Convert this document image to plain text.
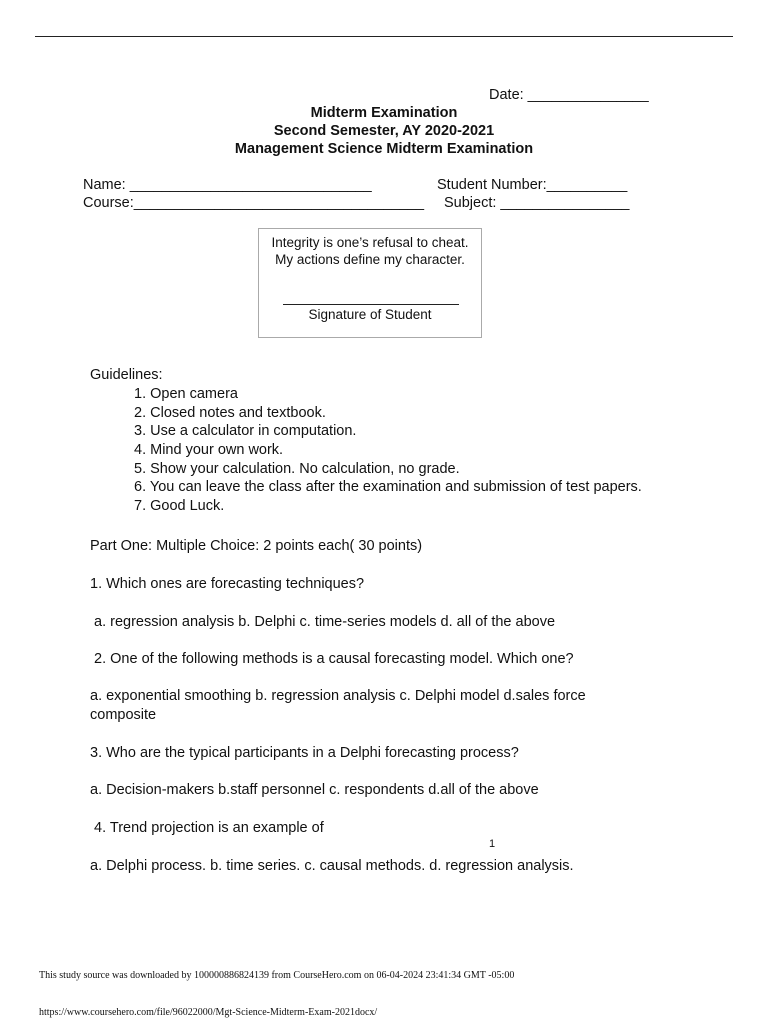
Date: _______________
Midterm Examination
Second Semester, AY 2020-2021
Management Science Midterm Examination
Name: ______________________________	Student Number:__________
Course:____________________________________ Subject: ________________
Integrity is one’s refusal to cheat.
My actions define my character.
Signature of Student
Guidelines:
1. Open camera
2. Closed notes and textbook.
3. Use a calculator in computation.
4. Mind your own work.
5. Show your calculation. No calculation, no grade.
6. You can leave the class after the examination and submission of test papers.
7. Good Luck.
Part One: Multiple Choice: 2 points each( 30 points)
1. Which ones are forecasting techniques?
a. regression analysis b. Delphi c. time-series models d. all of the above
2. One of the following methods is a causal forecasting model. Which one?
a. exponential smoothing b. regression analysis c. Delphi model d.sales force composite
3. Who are the typical participants in a Delphi forecasting process?
a. Decision-makers b.staff personnel c. respondents d.all of the above
4. Trend projection is an example of
1
a. Delphi process. b. time series. c. causal methods. d. regression analysis.
This study source was downloaded by 100000886824139 from CourseHero.com on 06-04-2024 23:41:34 GMT -05:00
https://www.coursehero.com/file/96022000/Mgt-Science-Midterm-Exam-2021docx/
